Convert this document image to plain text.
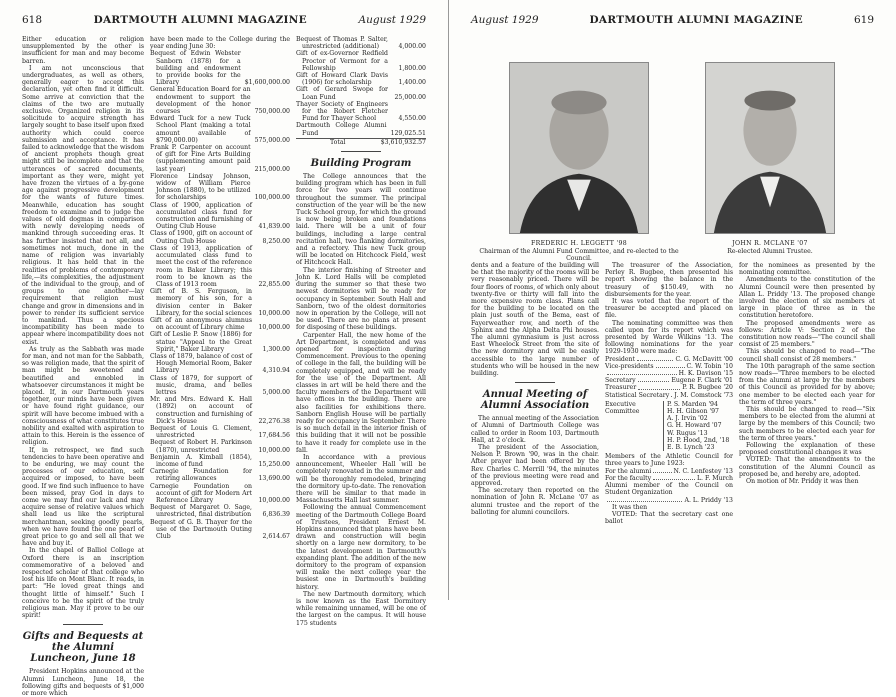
618	DARTMOUTH ALUMNI MAGAZINE	August 1929

Either education or religion unsupplemented by the other is insufficient for man and may become barren.

I am not unconscious that undergraduates, as well as others, generally eager to accept this declaration, yet often find it difficult. Some arrive at conviction that the claims of the two are mutually exclusive. Organized religion in its solicitude to acquire strength has largely sought to base itself upon fixed authority which could coerce submission and acceptance. It has failed to acknowledge that the wisdom of ancient prophets though great might still be incomplete and that the utterances of sacred documents, important as they were, might yet have frozen the virtues of a by-gone age against progressive development for the wants of future times. Meanwhile, education has sought freedom to examine and to judge the values of old dogmas in comparison with newly developing needs of mankind through succeeding eras. It has further insisted that not all, and sometimes not much, done in the name of religion was invariably religious. It has held that in the realities of problems of contemporary life,—its complexities, the adjustment of the individual to the group, and of groups to one another—lay requirement that religion must change and grow in dimensions and in power to render its sufficient service to mankind. Thus a specious incompatibility has been made to appear where incompatibility does not exist.

As truly as the Sabbath was made for man, and not man for the Sabbath, so was religion made, that the spirit of man might be sweetened and beautified and ennobled in whatsoever circumstances it might be placed. If, in our Dartmouth years together, our minds have been given or have found right guidance, our spirit will have become imbued with a consciousness of what constitutes true nobility and exalted with aspiration to attain to this. Herein is the essence of religion.

If, in retrospect, we find such tendencies to have been operative and to be enduring, we may count the processes of our education, self acquired or imposed, to have been good. If we find such influence to have been missed, pray God in days to come we may find our lack and may acquire sense of relative values which shall lead us like the scriptural merchantman, seeking goodly pearls, when we have found the one pearl of great price to go and sell all that we have and buy it.

In the chapel of Balliol College at Oxford there is an inscription commemorative of a beloved and respected scholar of that college who lost his life on Mont Blanc. It reads, in part: "He loved great things and thought little of himself." Such I conceive to be the spirit of the truly religious man. May it prove to be our spirit!

Gifts and Bequests at the Alumni Luncheon, June 18

President Hopkins announced at the Alumni Luncheon, June 18, the following gifts and bequests of $1,000 or more which

have been made to the College during the year ending June 30:

Bequest of Edwin Webster Sanborn (1878) for a building and endowment to provide books for the Library	$1,600,000.00
General Education Board for an endowment to support the development of the honor courses	750,000.00
Edward Tuck for a new Tuck School Plant (making a total amount available of $790,000.00)	575,000.00
Frank P. Carpenter on account of gift for Fine Arts Building (supplementing amount paid last year)	215,000.00
Florence Lindsay Johnson, widow of William Pierce Johnson (1880), to be utilized for scholarships	100,000.00
Class of 1900, application of accumulated class fund for construction and furnishing of Outing Club House	41,839.00
Class of 1900, gift on account of Outing Club House	8,250.00
Class of 1913, application of accumulated class fund to meet the cost of the reference room in Baker Library; this room to be known as the Class of 1913 room	22,855.00
Gift of B. S. Ferguson, in memory of his son, for a division center in Baker Library, for the social sciences	10,000.00
Gift of an anonymous alumnus on account of Library chime	10,000.00
Gift of Leslie P. Snow (1886) for statue "Appeal to the Great Spirit," Baker Library	1,300.00
Class of 1879, balance of cost of Hough Memorial Room, Baker Library	4,310.94
Class of 1879, for support of music, drama, and belles lettres	5,000.00
Mr. and Mrs. Edward K. Hall (1892) on account of construction and furnishing of Dick's House	22,276.38
Bequest of Louis G. Clement, unrestricted	17,684.56
Bequest of Robert H. Parkinson (1870), unrestricted	10,000.00
Benjamin A. Kimball (1854), income of fund	15,250.00
Carnegie Foundation for retiring allowances	13,690.00
Carnegie Foundation on account of gift for Modern Art Reference Library	10,000.00
Bequest of Margaret O. Sage, unrestricted, final distribution	6,836.39
Bequest of G. B. Thayer for the use of the Dartmouth Outing Club	2,614.67
Bequest of Thomas P. Salter, unrestricted (additional)	4,000.00
Gift of ex-Governor Redfield Proctor of Vermont for a Fellowship	1,800.00
Gift of Howard Clark Davis (1906) for scholarship	1,400.00
Gift of Gerard Swope for Loan Fund	25,000.00
Thayer Society of Engineers for the Robert Fletcher Fund for Thayer School	4,550.00
Dartmouth College Alumni Fund	129,025.51
Total	$3,610,932.57
Building Program

The College announces that the building program which has been in full force for two years will continue throughout the summer. The principal construction of the year will be the new Tuck School group, for which the ground is now being broken and foundations laid. There will be a unit of four buildings, including a large central recitation hall, two flanking dormitories, and a refectory. This new Tuck group will be located on Hitchcock Field, west of Hitchcock Hall.

The interior finishing of Streeter and John K. Lord Halls will be completed during the summer so that these two newest dormitories will be ready for occupancy in September. South Hall and Sanborn, two of the oldest dormitories now in operation by the College, will not be used. There are no plans at present for disposing of these buildings.

Carpenter Hall, the new home of the Art Department, is completed and was opened for inspection during Commencement. Previous to the opening of college in the fall, the building will be completely equipped, and will be ready for the use of the Department. All classes in art will be held there and the faculty members of the Department will have offices in the building. There are also facilities for exhibitions there. Sanborn English House will be partially ready for occupancy in September. There is so much detail in the interior finish of this building that it will not be possible to have it ready for complete use in the fall.

In accordance with a previous announcement, Wheeler Hall will be completely renovated in the summer and will be thoroughly remodeled, bringing the dormitory up-to-date. The renovation there will be similar to that made in Massachusetts Hall last summer.

Following the annual Commencement meeting of the Dartmouth College Board of Trustees, President Ernest M. Hopkins announced that plans have been drawn and construction will begin shortly on a large new dormitory, to be the latest development in Dartmouth's expanding plant. The addition of the new dormitory to the program of expansion will make the next college year the busiest one in Dartmouth's building history.

The new Dartmouth dormitory, which is now known as the East Dormitory while remaining unnamed, will be one of the largest on the campus. It will house 175 students

August 1929	DARTMOUTH ALUMNI MAGAZINE	619
FREDERIC H. LEGGETT '98
Chairman of the Alumni Fund Committee, and re-elected to the Council.
JOHN R. MCLANE '07
Re-elected Alumni Trustee.

dents and a feature of the building will be that the majority of the rooms will be very reasonably priced. There will be four floors of rooms, of which only about twenty-five or thirty will fall into the more expensive room class. Plans call for the building to be located on the plain just south of the Bema, east of Fayerweather row, and north of the Sphinx and the Alpha Delta Phi houses. The alumni gymnasium is just across East Wheelock Street from the site of the new dormitory and will be easily accessible to the large number of students who will be housed in the new building.

Annual Meeting of Alumni Association

The annual meeting of the Association of Alumni of Dartmouth College was called to order in Room 103, Dartmouth Hall, at 2 o'clock.

The president of the Association, Nelson P. Brown '90, was in the chair. After prayer had been offered by the Rev. Charles C. Merrill '94, the minutes of the previous meeting were read and approved.

The secretary then reported on the nomination of John R. McLane '07 as alumni trustee and the report of the balloting for alumni councilors.

The treasurer of the Association, Perley R. Bugbee, then presented his report showing the balance in the treasury of $150.49, with no disbursements for the year.

It was voted that the report of the treasurer be accepted and placed on file.

The nominating committee was then called upon for its report which was presented by Warde Wilkins '13. The following nominations for the year 1929-1930 were made:

President	C. G. McDavitt '00
Vice-presidents	C. W. Tobin '10
H. K. Davison '15
Secretary	Eugene F. Clark '01
Treasurer	P. R. Bugbee '20
Statistical Secretary J. M. Comstock '73
Executive Committee
P. S. Marden '94
H. H. Gibson '97
A. J. Irvin '02
G. H. Howard '07
W. Rugus '13
H. P. Hood, 2nd, '18
E. B. Lynch '23

Members of the Athletic Council for three years to June 1923:

For the alumni	N. C. Lenfestey '13
For the faculty	L. F. Murch
Alumni member of the Council on Student Organization
A. L. Priddy '13

It was then

VOTED: That the secretary cast one ballot

for the nominees as presented by the nominating committee.

Amendments to the constitution of the Alumni Council were then presented by Allan L. Priddy '13. The proposed change involved the election of six members at large in place of three as in the constitution heretofore.

The proposed amendments were as follows: Article V: Section 2 of the constitution now reads—"The council shall consist of 25 members."

This should be changed to read—"The council shall consist of 28 members."

The 10th paragraph of the same section now reads—"Three members to be elected from the alumni at large by the members of this Council as provided for by above; one member to be elected each year for the term of three years."

This should be changed to read—"Six members to be elected from the alumni at large by the members of this Council; two such members to be elected each year for the term of three years."

Following the explanation of these proposed constitutional changes it was

VOTED: That the amendments to the constitution of the Alumni Council as proposed be, and hereby are, adopted.

On motion of Mr. Priddy it was then
